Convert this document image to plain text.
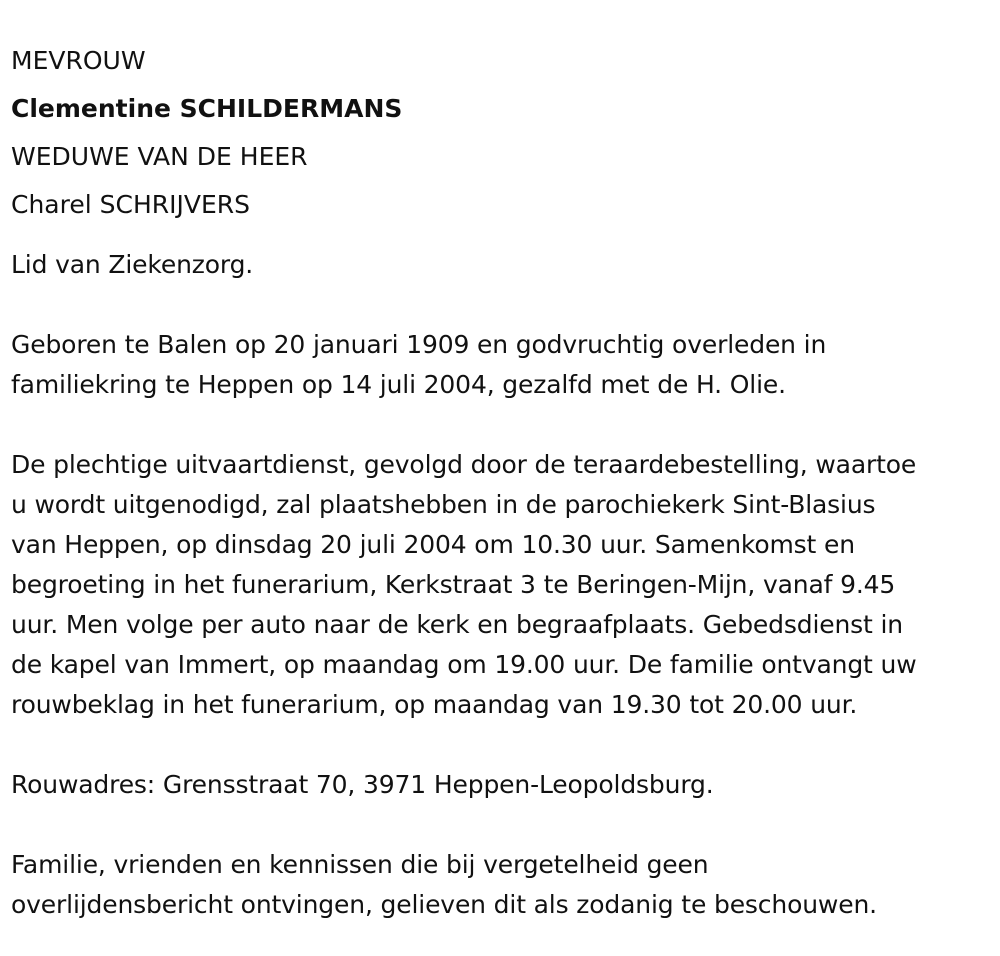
MEVROUW

Clementine SCHILDERMANS

WEDUWE VAN DE HEER

Charel SCHRIJVERS

Lid van Ziekenzorg.

Geboren te Balen op 20 januari 1909 en godvruchtig overleden in
familiekring te Heppen op 14 juli 2004, gezalfd met de H. Olie.

De plechtige uitvaartdienst, gevolgd door de teraardebestelling, waartoe
u wordt uitgenodigd, zal plaatshebben in de parochiekerk Sint-Blasius
van Heppen, op dinsdag 20 juli 2004 om 10.30 uur. Samenkomst en
begroeting in het funerarium, Kerkstraat 3 te Beringen-Mijn, vanaf 9.45
uur. Men volge per auto naar de kerk en begraafplaats. Gebedsdienst in
de kapel van Immert, op maandag om 19.00 uur. De familie ontvangt uw
rouwbeklag in het funerarium, op maandag van 19.30 tot 20.00 uur.

Rouwadres: Grensstraat 70, 3971 Heppen-Leopoldsburg.

Familie, vrienden en kennissen die bij vergetelheid geen
overlijdensbericht ontvingen, gelieven dit als zodanig te beschouwen.
